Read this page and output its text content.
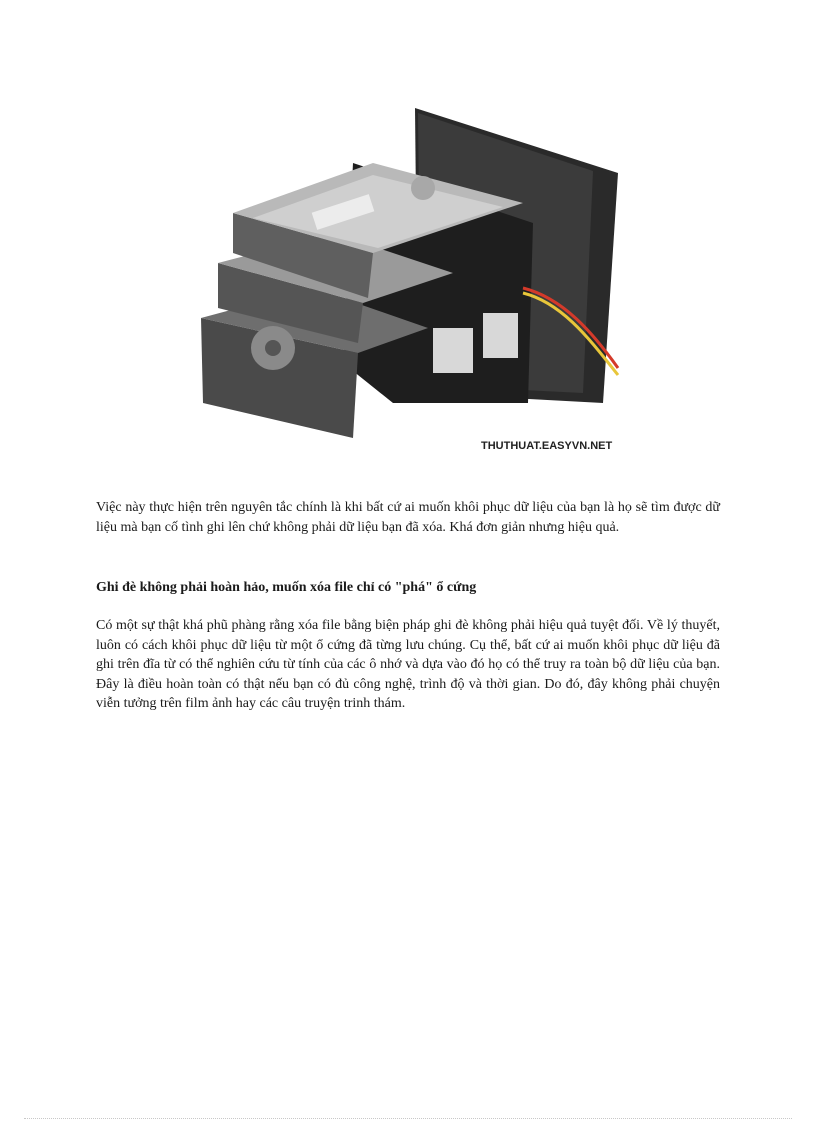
THUTHUAT.EASYVN.NET

Việc này thực hiện trên nguyên tắc chính là khi bất cứ ai muốn khôi phục dữ liệu của bạn là họ sẽ tìm được dữ liệu mà bạn cố tình ghi lên chứ không phải dữ liệu bạn đã xóa. Khá đơn giản nhưng hiệu quả.

Ghi đè không phải hoàn hảo, muốn xóa file chỉ có "phá" ổ cứng

Có một sự thật khá phũ phàng rằng xóa file bằng biện pháp ghi đè không phải hiệu quả tuyệt đối. Về lý thuyết, luôn có cách khôi phục dữ liệu từ một ổ cứng đã từng lưu chúng. Cụ thể, bất cứ ai muốn khôi phục dữ liệu đã ghi trên đĩa từ có thể nghiên cứu từ tính của các ô nhớ và dựa vào đó họ có thể truy ra toàn bộ dữ liệu của bạn. Đây là điều hoàn toàn có thật nếu bạn có đủ công nghệ, trình độ và thời gian. Do đó, đây không phải chuyện viễn tưởng trên film ảnh hay các câu truyện trinh thám.
